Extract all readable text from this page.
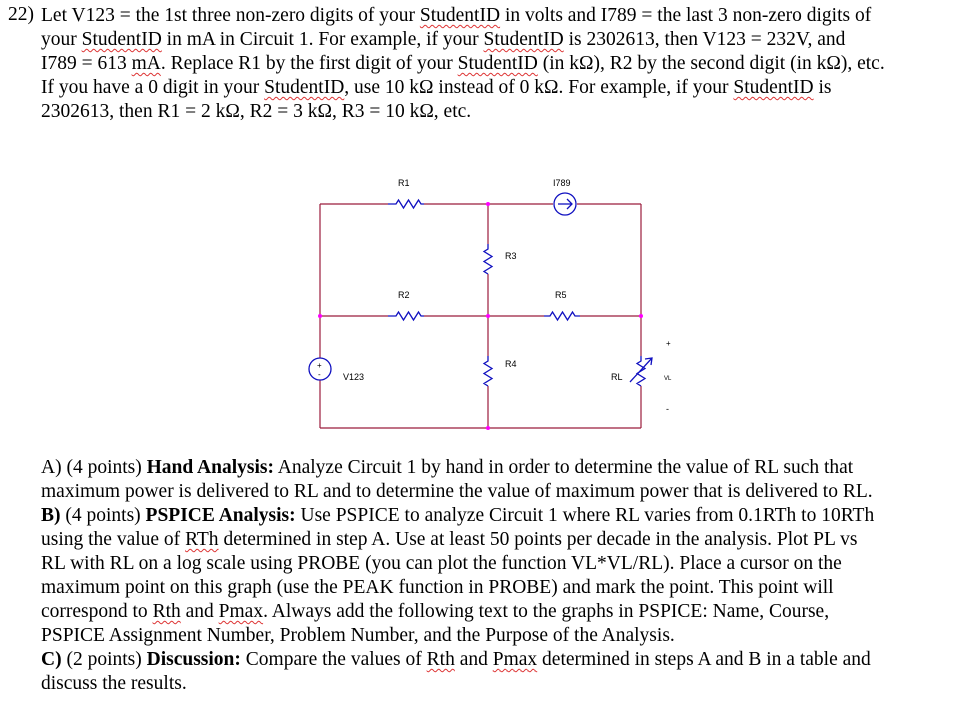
22) Let V123 = the 1st three non-zero digits of your StudentID in volts and I789 = the last 3 non-zero digits of
your StudentID in mA in Circuit 1. For example, if your StudentID is 2302613, then V123 = 232V, and
I789 = 613 mA. Replace R1 by the first digit of your StudentID (in kΩ), R2 by the second digit (in kΩ), etc.
If you have a 0 digit in your StudentID, use 10 kΩ instead of 0 kΩ. For example, if your StudentID is
2302613, then R1 = 2 kΩ, R2 = 3 kΩ, R3 = 10 kΩ, etc.
R1	I789
R3
R2	R5
R4
V123	RL	VL
+
-
+
-
A) (4 points) Hand Analysis: Analyze Circuit 1 by hand in order to determine the value of RL such that
maximum power is delivered to RL and to determine the value of maximum power that is delivered to RL.
B) (4 points) PSPICE Analysis: Use PSPICE to analyze Circuit 1 where RL varies from 0.1RTh to 10RTh
using the value of RTh determined in step A. Use at least 50 points per decade in the analysis. Plot PL vs
RL with RL on a log scale using PROBE (you can plot the function VL*VL/RL). Place a cursor on the
maximum point on this graph (use the PEAK function in PROBE) and mark the point. This point will
correspond to Rth and Pmax. Always add the following text to the graphs in PSPICE: Name, Course,
PSPICE Assignment Number, Problem Number, and the Purpose of the Analysis.
C) (2 points) Discussion: Compare the values of Rth and Pmax determined in steps A and B in a table and
discuss the results.
